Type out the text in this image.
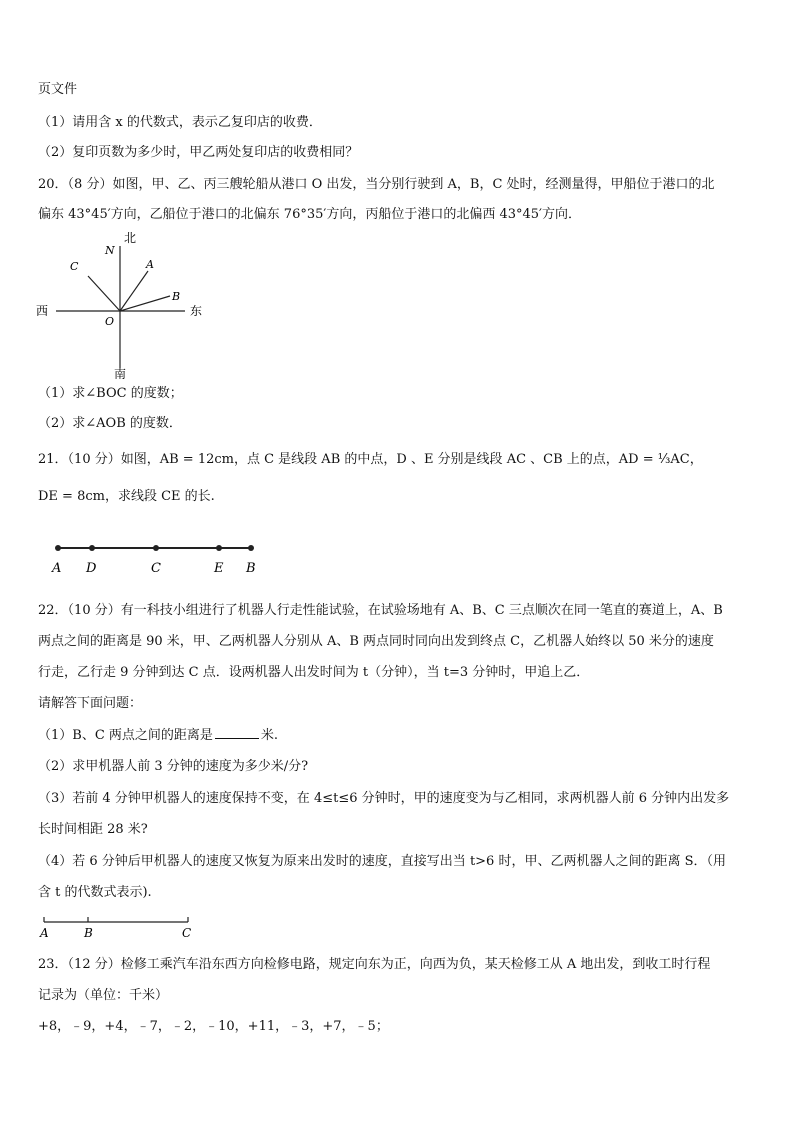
页文件
（1）请用含 x 的代数式，表示乙复印店的收费．
（2）复印页数为多少时，甲乙两处复印店的收费相同？
20．（8 分）如图，甲、乙、丙三艘轮船从港口 O 出发，当分别行驶到 A，B，C 处时，经测量得，甲船位于港口的北
偏东 43°45′方向，乙船位于港口的北偏东 76°35′方向，丙船位于港口的北偏西 43°45′方向．
北
N
C	A
B
O
西	东
南
（1）求∠BOC 的度数；
（2）求∠AOB 的度数．
21．（10 分）如图，AB = 12cm，点 C 是线段 AB 的中点，D 、E 分别是线段 AC 、CB 上的点，AD = ⅓AC，
DE = 8cm，求线段 CE 的长.
A D	C	E B
22．（10 分）有一科技小组进行了机器人行走性能试验，在试验场地有 A、B、C 三点顺次在同一笔直的赛道上，A、B
两点之间的距离是 90 米，甲、乙两机器人分别从 A、B 两点同时同向出发到终点 C，乙机器人始终以 50 米分的速度
行走，乙行走 9 分钟到达 C 点．设两机器人出发时间为 t（分钟），当 t=3 分钟时，甲追上乙．
请解答下面问题：
（1）B、C 两点之间的距离是	米.
（2）求甲机器人前 3 分钟的速度为多少米/分?
（3）若前 4 分钟甲机器人的速度保持不变，在 4≤t≤6 分钟时，甲的速度变为与乙相同，求两机器人前 6 分钟内出发多
长时间相距 28 米?
（4）若 6 分钟后甲机器人的速度又恢复为原来出发时的速度，直接写出当 t>6 时，甲、乙两机器人之间的距离 S．（用
含 t 的代数式表示).
A	B	C
23．（12 分）检修工乘汽车沿东西方向检修电路，规定向东为正，向西为负，某天检修工从 A 地出发，到收工时行程
记录为（单位：千米）
+8，﹣9，+4，﹣7，﹣2，﹣10，+11，﹣3，+7，﹣5；
